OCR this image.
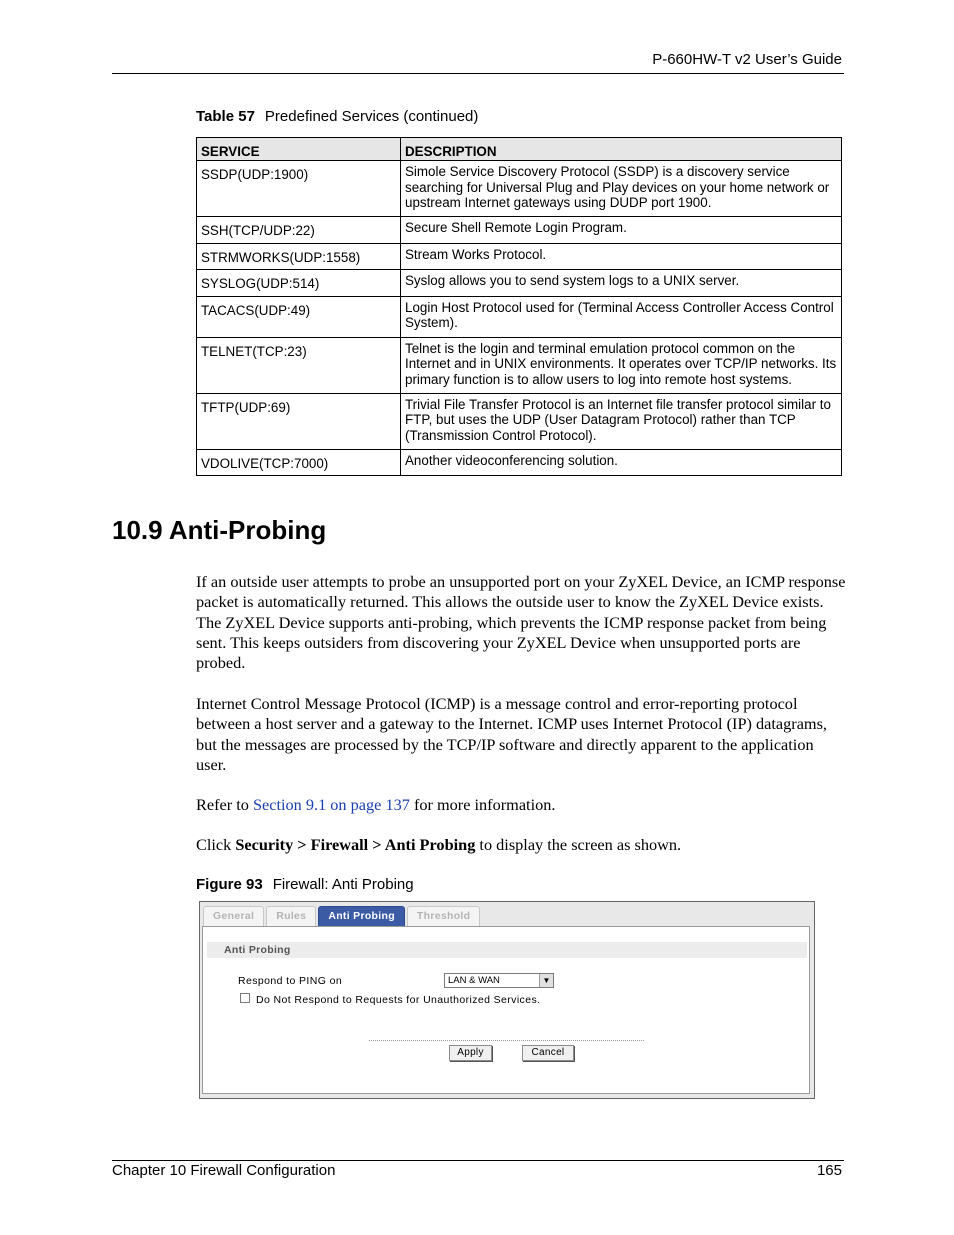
P-660HW-T v2 User’s Guide
Table 57 Predefined Services (continued)
SERVICE	DESCRIPTION
SSDP(UDP:1900)	Simole Service Discovery Protocol (SSDP) is a discovery service searching for Universal Plug and Play devices on your home network or upstream Internet gateways using DUDP port 1900.
SSH(TCP/UDP:22)	Secure Shell Remote Login Program.
STRMWORKS(UDP:1558)	Stream Works Protocol.
SYSLOG(UDP:514)	Syslog allows you to send system logs to a UNIX server.
TACACS(UDP:49)	Login Host Protocol used for (Terminal Access Controller Access Control System).
TELNET(TCP:23)	Telnet is the login and terminal emulation protocol common on the Internet and in UNIX environments. It operates over TCP/IP networks. Its primary function is to allow users to log into remote host systems.
TFTP(UDP:69)	Trivial File Transfer Protocol is an Internet file transfer protocol similar to FTP, but uses the UDP (User Datagram Protocol) rather than TCP (Transmission Control Protocol).
VDOLIVE(TCP:7000)	Another videoconferencing solution.
10.9 Anti-Probing

If an outside user attempts to probe an unsupported port on your ZyXEL Device, an ICMP response packet is automatically returned. This allows the outside user to know the ZyXEL Device exists. The ZyXEL Device supports anti-probing, which prevents the ICMP response packet from being sent. This keeps outsiders from discovering your ZyXEL Device when unsupported ports are probed.

Internet Control Message Protocol (ICMP) is a message control and error-reporting protocol between a host server and a gateway to the Internet. ICMP uses Internet Protocol (IP) datagrams, but the messages are processed by the TCP/IP software and directly apparent to the application user.

Refer to Section 9.1 on page 137 for more information.

Click Security > Firewall > Anti Probing to display the screen as shown.

Figure 93 Firewall: Anti Probing
General	Rules	Anti Probing	Threshold
Anti Probing
Respond to PING on	LAN & WAN	▼
Do Not Respond to Requests for Unauthorized Services.
Apply	Cancel
Chapter 10 Firewall Configuration	165
